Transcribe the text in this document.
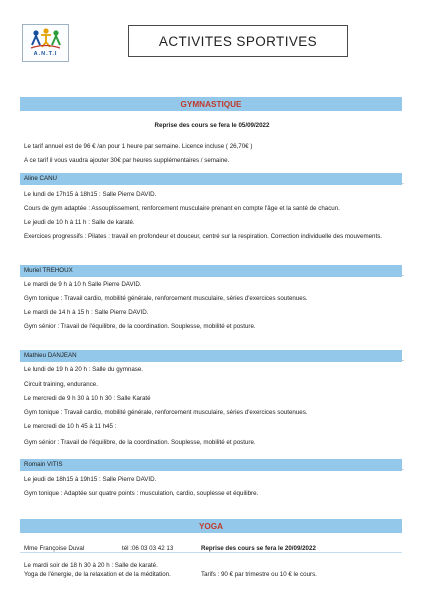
A.N.T.I
ACTIVITES SPORTIVES
GYMNASTIQUE
Reprise des cours se fera le 05/09/2022
Le tarif annuel est de 96 € /an pour 1 heure par semaine. Licence incluse ( 26,70€ )
A ce tarif il vous vaudra ajouter 30€ par heures supplémentaires / semaine.
Aline CANU
.
Le lundi de 17h15 à 18h15 : Salle Pierre DAVID.
Cours de gym adaptée : Assouplissement, renforcement musculaire prenant en compte l'âge et la santé de chacun.
Le jeudi de 10 h à 11 h : Salle de karaté.
Exercices progressifs : Pilates : travail en profondeur et douceur, centré sur la respiration. Correction individuelle des mouvements.
Muriel TREHOUX
.
Le mardi de 9 h à 10 h Salle Pierre DAVID.
Gym tonique : Travail cardio, mobilité générale, renforcement musculaire, séries d'exercices soutenues.
Le mardi de 14 h à 15 h : Salle Pierre DAVID.
Gym sénior : Travail de l'équilibre, de la coordination. Souplesse, mobilité et posture.
Mathieu DANJEAN
.
Le lundi de 19 h à 20 h : Salle du gymnase.
Circuit training, endurance.
Le mercredi de 9 h 30 à 10 h 30 : Salle Karaté
Gym tonique : Travail cardio, mobilité générale, renforcement musculaire, séries d'exercices soutenues.
Le mercredi de 10 h 45 à 11 h45 :
Gym sénior : Travail de l'équilibre, de la coordination. Souplesse, mobilité et posture.
Romain VITIS
.
Le jeudi de 18h15 à 19h15 : Salle Pierre DAVID.
Gym tonique : Adaptée sur quatre points : musculation, cardio, souplesse et équilibre.
YOGA
Mme Françoise Duval	tél :06 03 03 42 13	Reprise des cours se fera le 20/09/2022
Le mardi soir de 18 h 30 à 20 h : Salle de karaté.
Yoga de l'énergie, de la relaxation et de la méditation.	Tarifs : 90 € par trimestre ou 10 € le cours.
